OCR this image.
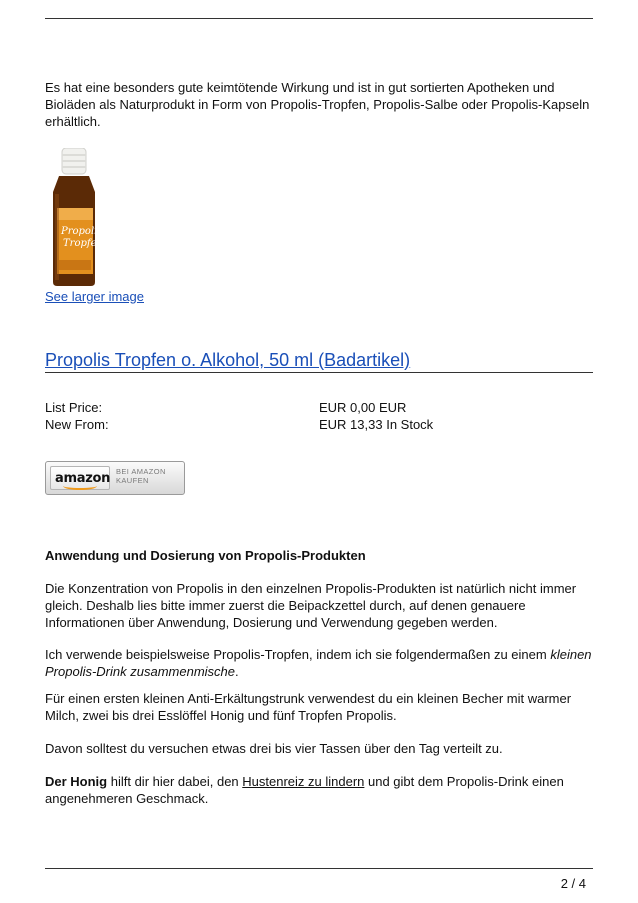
Es hat eine besonders gute keimtötende Wirkung und ist in gut sortierten Apotheken und Bioläden als Naturprodukt in Form von Propolis-Tropfen, Propolis-Salbe oder Propolis-Kapseln erhältlich.

Propolis
Tropfen
See larger image
Propolis Tropfen o. Alkohol, 50 ml (Badartikel)
List Price:	EUR 0,00 EUR
New From:	EUR 13,33 In Stock
amazon BEI AMAZON
KAUFEN

Anwendung und Dosierung von Propolis-Produkten

Die Konzentration von Propolis in den einzelnen Propolis-Produkten ist natürlich nicht immer gleich. Deshalb lies bitte immer zuerst die Beipackzettel durch, auf denen genauere Informationen über Anwendung, Dosierung und Verwendung gegeben werden.

Ich verwende beispielsweise Propolis-Tropfen, indem ich sie folgendermaßen zu einem kleinen Propolis-Drink zusammenmische.

Für einen ersten kleinen Anti-Erkältungstrunk verwendest du ein kleinen Becher mit warmer Milch, zwei bis drei Esslöffel Honig und fünf Tropfen Propolis.

Davon solltest du versuchen etwas drei bis vier Tassen über den Tag verteilt zu.

Der Honig hilft dir hier dabei, den Hustenreiz zu lindern und gibt dem Propolis-Drink einen angenehmeren Geschmack.

2 / 4
